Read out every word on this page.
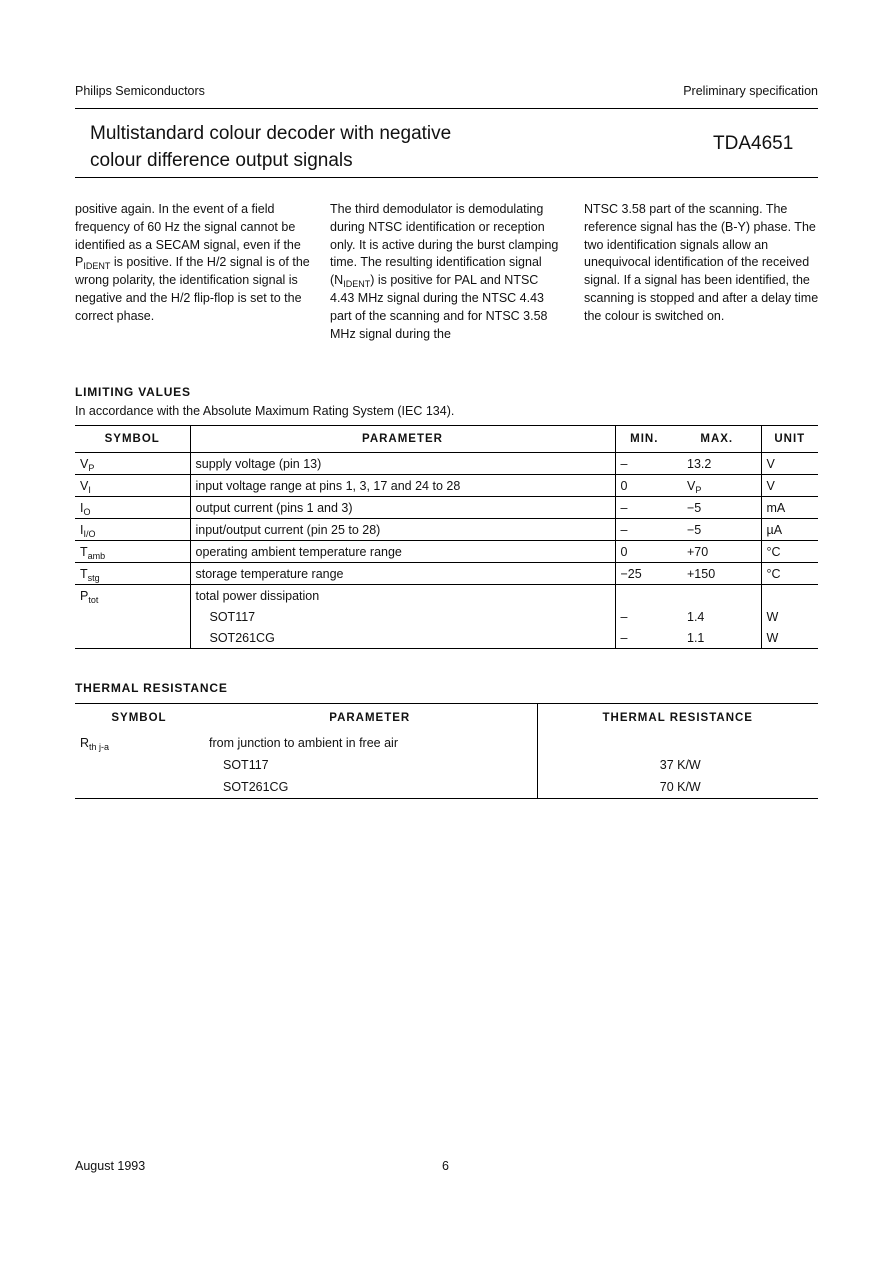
Philips Semiconductors	Preliminary specification
Multistandard colour decoder with negative
colour difference output signals
TDA4651

positive again. In the event of a field frequency of 60 Hz the signal cannot be identified as a SECAM signal, even if the $P_{IDENT}$ is positive. If the H/2 signal is of the wrong polarity, the identification signal is negative and the H/2 flip-flop is set to the correct phase.

The third demodulator is demodulating during NTSC identification or reception only. It is active during the burst clamping time. The resulting identification signal $(N_{IDENT})$ is positive for PAL and NTSC 4.43 MHz signal during the NTSC 4.43 part of the scanning and for NTSC 3.58 MHz signal during the

NTSC 3.58 part of the scanning. The reference signal has the (B-Y) phase. The two identification signals allow an unequivocal identification of the received signal. If a signal has been identified, the scanning is stopped and after a delay time the colour is switched on.

LIMITING VALUES
In accordance with the Absolute Maximum Rating System (IEC 134).
SYMBOL	PARAMETER	MIN.	MAX.	UNIT
$V_P$	supply voltage (pin 13)	–	13.2	V
$V_I$	input voltage range at pins 1, 3, 17 and 24 to 28	0	$V_P$	V
$I_O$	output current (pins 1 and 3)	–	−5	mA
$I_{I/O}$	input/output current (pin 25 to 28)	–	−5	µA
$T_{amb}$	operating ambient temperature range	0	+70	°C
$T_{stg}$	storage temperature range	−25	+150	°C
$P_{tot}$	total power dissipation			
	SOT117	–	1.4	W
	SOT261CG	–	1.1	W
THERMAL RESISTANCE
SYMBOL	PARAMETER	THERMAL RESISTANCE
$R_{th j-a}$	from junction to ambient in free air	
	SOT117	37 K/W
	SOT261CG	70 K/W
August 1993	6
